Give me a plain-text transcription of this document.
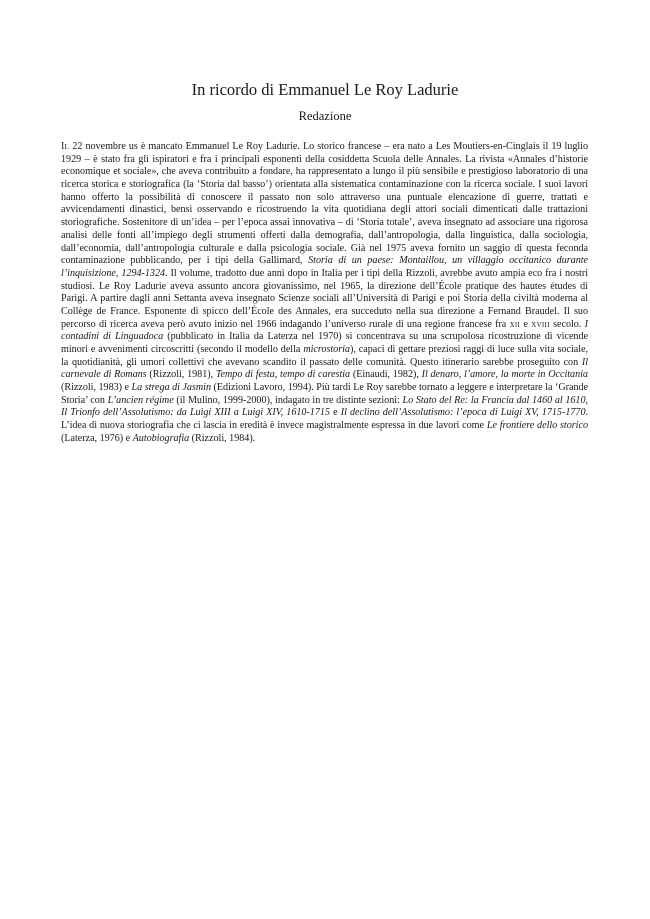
In ricordo di Emmanuel Le Roy Ladurie
Redazione

Il 22 novembre us è mancato Emmanuel Le Roy Ladurie. Lo storico francese – era nato a Les Moutiers-en-Cinglais il 19 luglio 1929 – è stato fra gli ispiratori e fra i principali esponenti della cosiddetta Scuola delle Annales. La rivista «Annales d’historie economique et sociale», che aveva contribuito a fondare, ha rappresentato a lungo il più sensibile e prestigioso laboratorio di una ricerca storica e storiografica (la ‘Storia dal basso’) orientata alla sistematica contaminazione con la ricerca sociale. I suoi lavori hanno offerto la possibilità di conoscere il passato non solo attraverso una puntuale elencazione di guerre, trattati e avvicendamenti dinastici, bensì osservando e ricostruendo la vita quotidiana degli attori sociali dimenticati dalle trattazioni storiografiche. Sostenitore di un’idea – per l’epoca assai innovativa – di ‘Storia totale’, aveva insegnato ad associare una rigorosa analisi delle fonti all’impiego degli strumenti offerti dalla demografia, dall’antropologia, dalla linguistica, dalla sociologia, dall’economia, dall’antropologia culturale e dalla psicologia sociale. Già nel 1975 aveva fornito un saggio di questa feconda contaminazione pubblicando, per i tipi della Gallimard, Storia di un paese: Montaillou, un villaggio occitanico durante l’inquisizione, 1294-1324. Il volume, tradotto due anni dopo in Italia per i tipi della Rizzoli, avrebbe avuto ampia eco fra i nostri studiosi. Le Roy Ladurie aveva assunto ancora giovanissimo, nel 1965, la direzione dell’École pratique des hautes études di Parigi. A partire dagli anni Settanta aveva insegnato Scienze sociali all’Università di Parigi e poi Storia della civiltà moderna al Collège de France. Esponente di spicco dell’École des Annales, era succeduto nella sua direzione a Fernand Braudel. Il suo percorso di ricerca aveva però avuto inizio nel 1966 indagando l’universo rurale di una regione francese fra xii e xviii secolo. I contadini di Linguadoca (pubblicato in Italia da Laterza nel 1970) si concentrava su una scrupolosa ricostruzione di vicende minori e avvenimenti circoscritti (secondo il modello della microstoria), capaci di gettare preziosi raggi di luce sulla vita sociale, la quotidianità, gli umori collettivi che avevano scandito il passato delle comunità. Questo itinerario sarebbe proseguito con Il carnevale di Romans (Rizzoli, 1981), Tempo di festa, tempo di carestia (Einaudi, 1982), Il denaro, l’amore, la morte in Occitania (Rizzoli, 1983) e La strega di Jasmin (Edizioni Lavoro, 1994). Più tardi Le Roy sarebbe tornato a leggere e interpretare la ‘Grande Storia’ con L’ancien régime (il Mulino, 1999-2000), indagato in tre distinte sezioni: Lo Stato del Re: la Francia dal 1460 al 1610, Il Trionfo dell’Assolutismo: da Luigi XIII a Luigi XIV, 1610-1715 e Il declino dell’Assolutismo: l’epoca di Luigi XV, 1715-1770. L’idea di nuova storiografia che ci lascia in eredità è invece magistralmente espressa in due lavori come Le frontiere dello storico (Laterza, 1976) e Autobiografia (Rizzoli, 1984).
